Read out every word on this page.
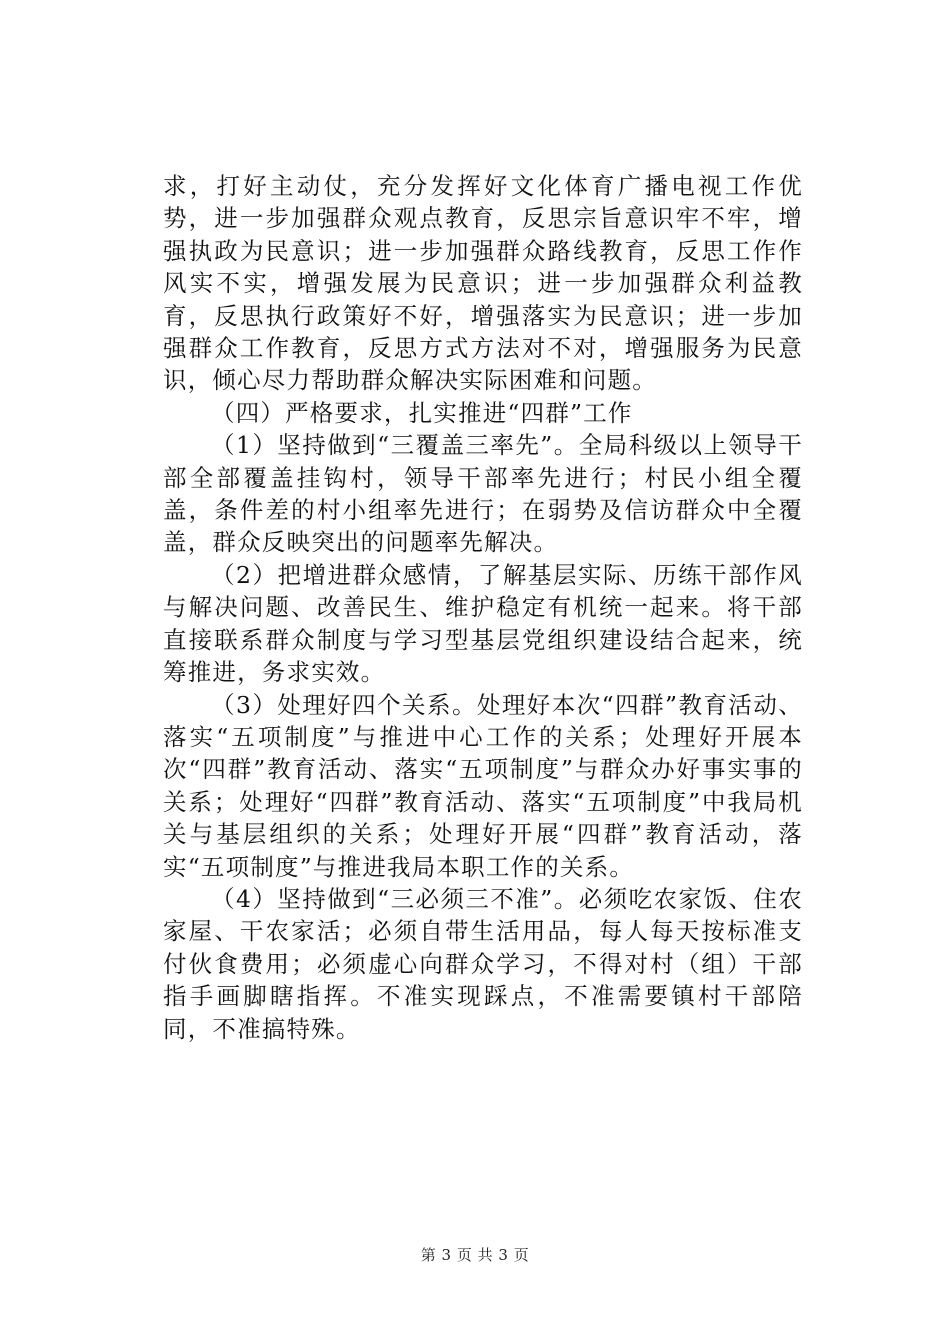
求，打好主动仗，充分发挥好文化体育广播电视工作优势，进一步加强群众观点教育，反思宗旨意识牢不牢，增强执政为民意识；进一步加强群众路线教育，反思工作作风实不实，增强发展为民意识；进一步加强群众利益教育，反思执行政策好不好，增强落实为民意识；进一步加强群众工作教育，反思方式方法对不对，增强服务为民意识，倾心尽力帮助群众解决实际困难和问题。

（四）严格要求，扎实推进“四群”工作

（1）坚持做到“三覆盖三率先”。全局科级以上领导干部全部覆盖挂钩村，领导干部率先进行；村民小组全覆盖，条件差的村小组率先进行；在弱势及信访群众中全覆盖，群众反映突出的问题率先解决。

（2）把增进群众感情，了解基层实际、历练干部作风与解决问题、改善民生、维护稳定有机统一起来。将干部直接联系群众制度与学习型基层党组织建设结合起来，统筹推进，务求实效。

（3）处理好四个关系。处理好本次“四群”教育活动、落实“五项制度”与推进中心工作的关系；处理好开展本次“四群”教育活动、落实“五项制度”与群众办好事实事的关系；处理好“四群”教育活动、落实“五项制度”中我局机关与基层组织的关系；处理好开展“四群”教育活动，落实“五项制度”与推进我局本职工作的关系。

（4）坚持做到“三必须三不准”。必须吃农家饭、住农家屋、干农家活；必须自带生活用品，每人每天按标准支付伙食费用；必须虚心向群众学习，不得对村（组）干部指手画脚瞎指挥。不准实现踩点，不准需要镇村干部陪同，不准搞特殊。

第 3 页 共 3 页
